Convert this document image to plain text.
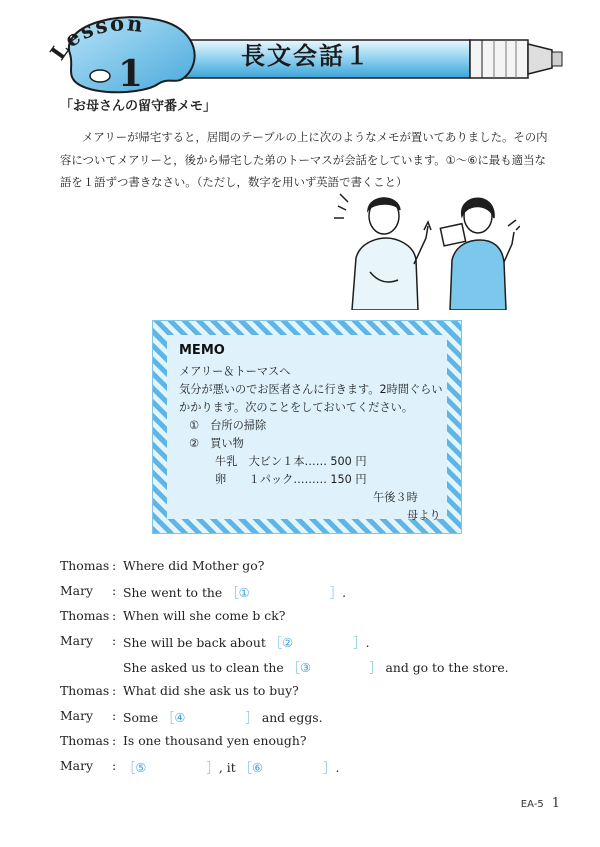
Lesson
1	長文会話１
「お母さんの留守番メモ」
メアリーが帰宅すると，居間のテーブルの上に次のようなメモが置いてありました。その内容についてメアリーと，後から帰宅した弟のトーマスが会話をしています。①〜⑥に最も適当な語を１語ずつ書きなさい。（ただし，数字を用いず英語で書くこと）
MEMO
メアリー＆トーマスへ
気分が悪いのでお医者さんに行きます。2時間ぐらい
かかります。次のことをしておいてください。
①　台所の掃除
②　買い物
牛乳　大ビン１本…… 500 円
卵　　１パック……… 150 円
午後３時
母より
Thomas : Where did Mother go?
Mary : She went to the ［①	］.
Thomas : When will she come b ck?
Mary : She will be back about ［②	］.
She asked us to clean the ［③	］ and go to the store.
Thomas : What did she ask us to buy?
Mary : Some ［④	］ and eggs.
Thomas : Is one thousand yen enough?
Mary : ［⑤	］, it ［⑥	］.
EA-5 1
